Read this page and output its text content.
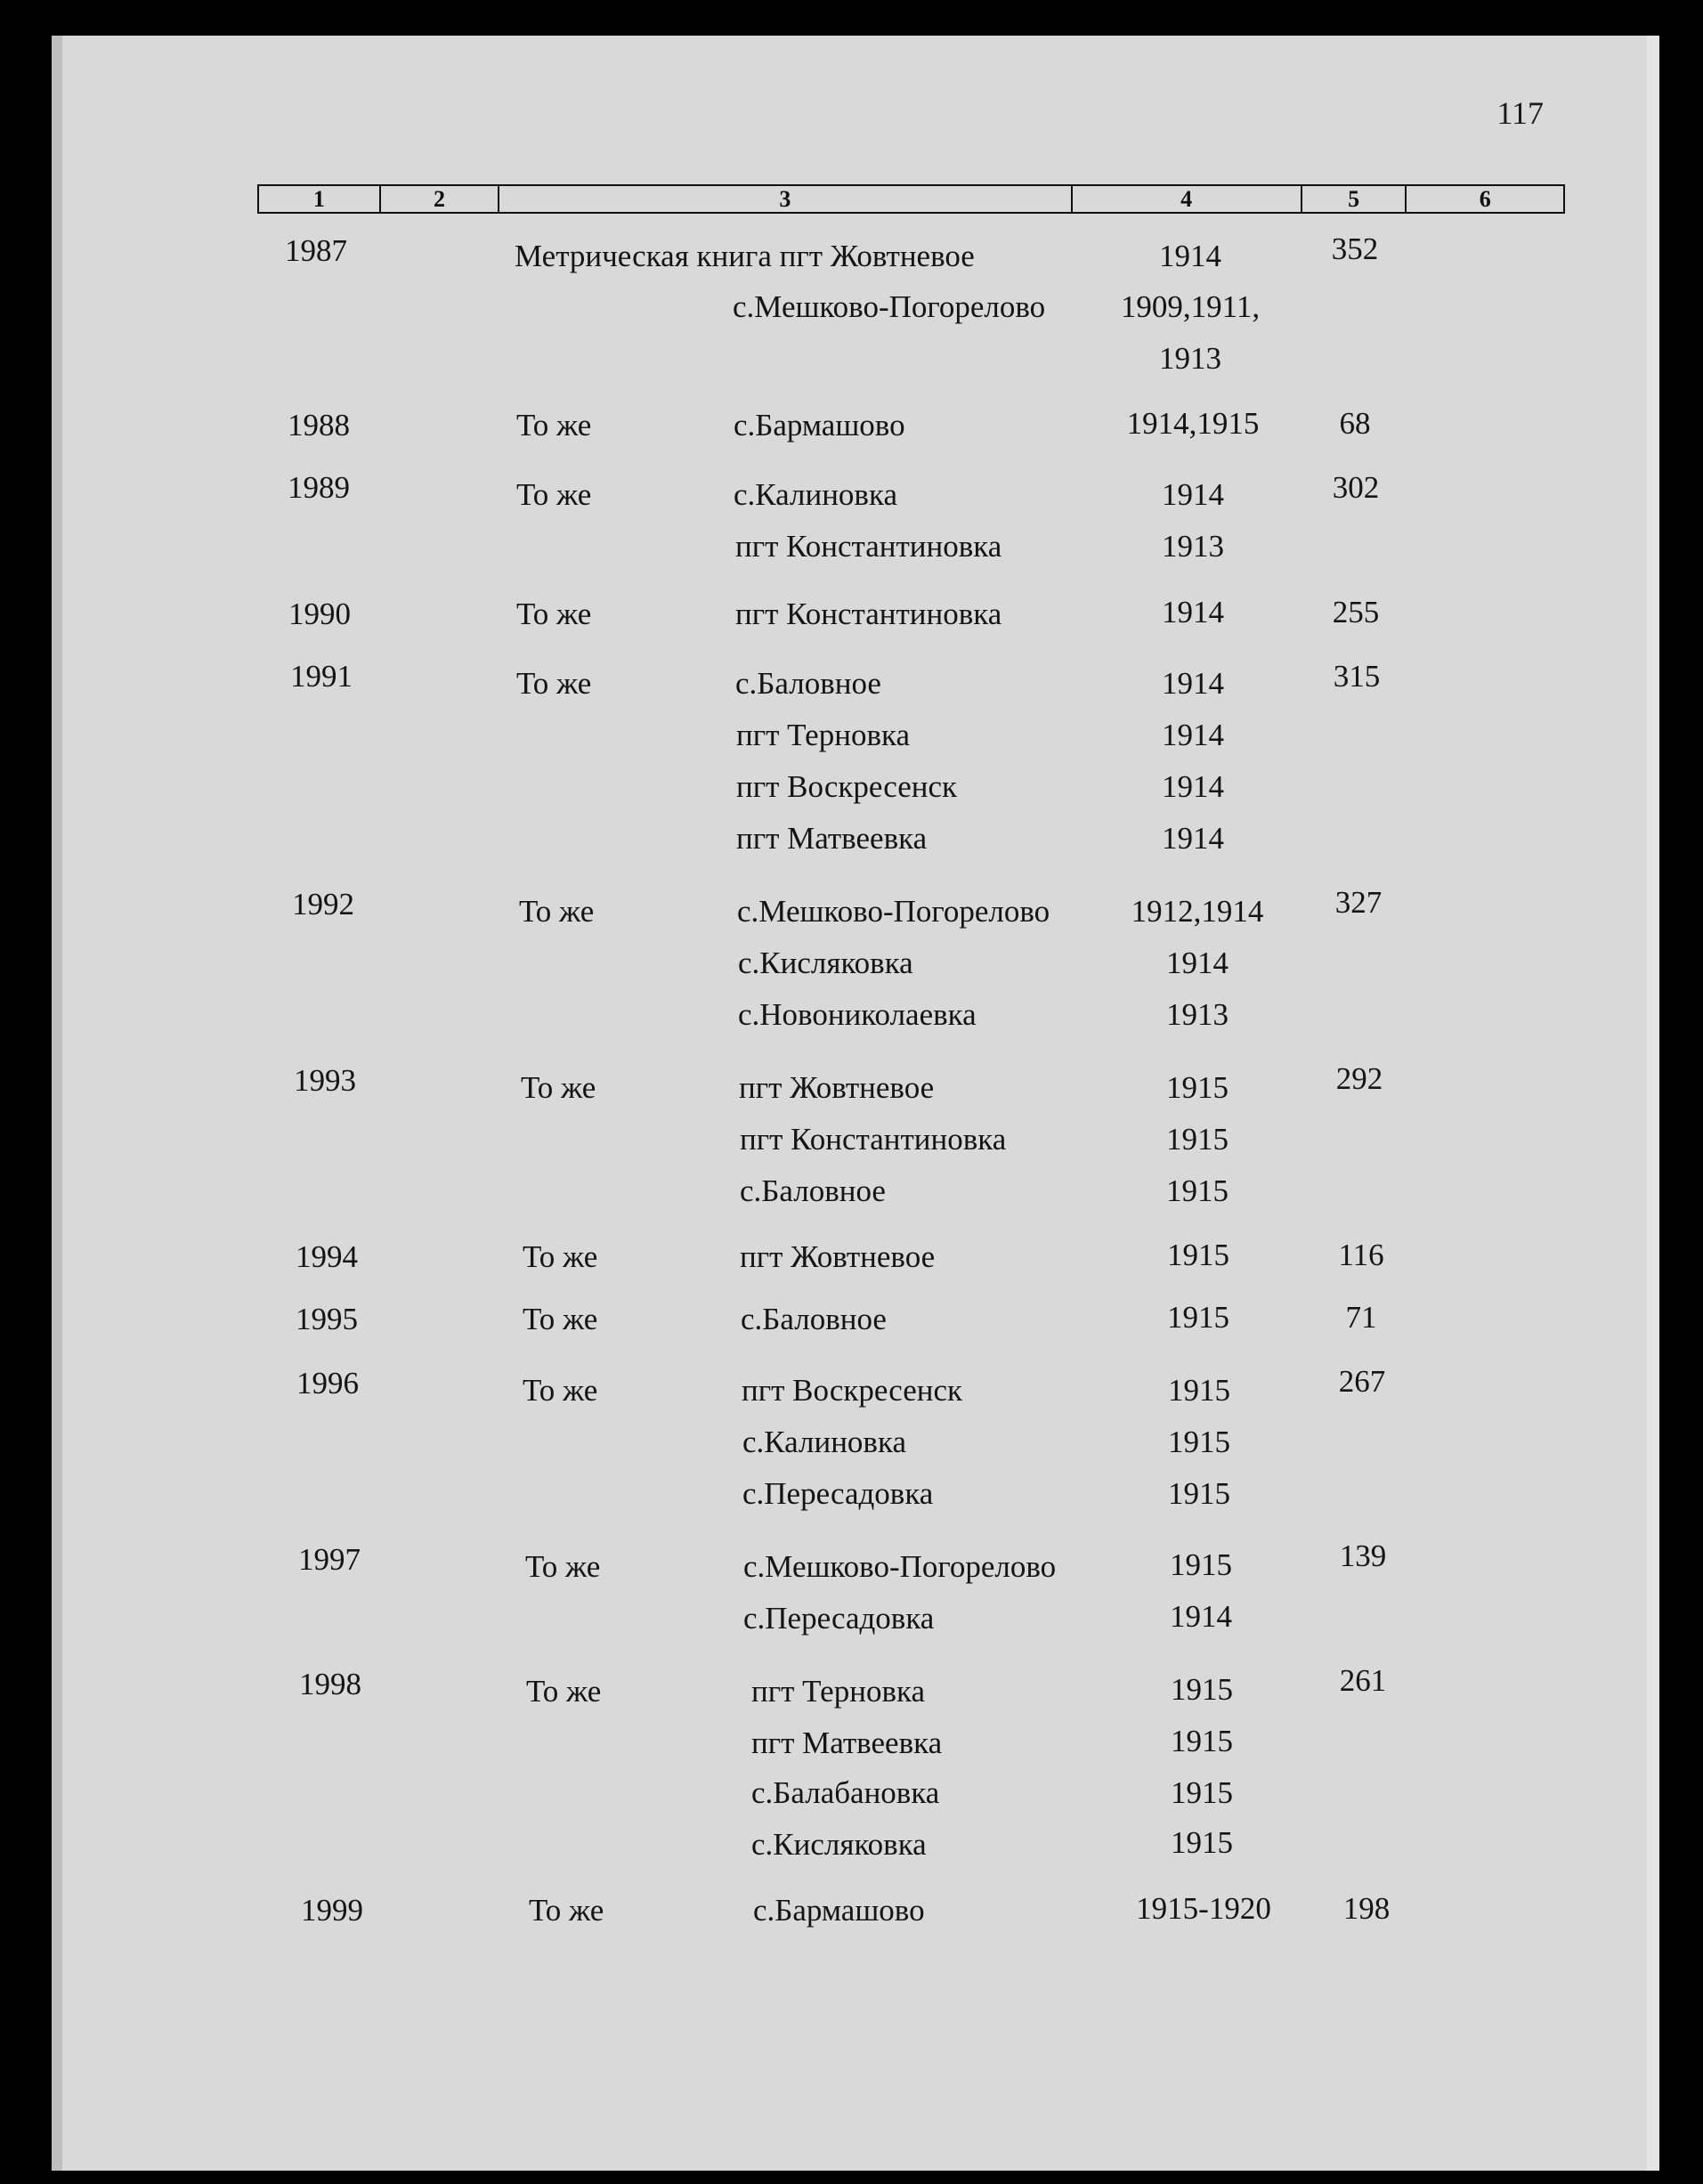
117
1	2	3	4	5	6
1987	Метрическая книга пгт Жовтневое	1914	352
с.Мешково-Погорелово	1909,1911,
1913
1988	То же	с.Бармашово	1914,1915	68
1989	То же	с.Калиновка	1914	302
пгт Константиновка	1913
1990	То же	пгт Константиновка	1914	255
1991	То же	с.Баловное	1914	315
пгт Терновка	1914
пгт Воскресенск	1914
пгт Матвеевка	1914
1992	То же	с.Мешково-Погорелово	1912,1914	327
с.Кисляковка	1914
с.Новониколаевка	1913
1993	То же	пгт Жовтневое	1915	292
пгт Константиновка	1915
с.Баловное	1915
1994	То же	пгт Жовтневое	1915	116
1995	То же	с.Баловное	1915	71
1996	То же	пгт Воскресенск	1915	267
с.Калиновка	1915
с.Пересадовка	1915
1997	То же	с.Мешково-Погорелово	1915	139
с.Пересадовка	1914
1998	То же	пгт Терновка	1915	261
пгт Матвеевка	1915
с.Балабановка	1915
с.Кисляковка	1915
1999	То же	с.Бармашово	1915-1920	198
